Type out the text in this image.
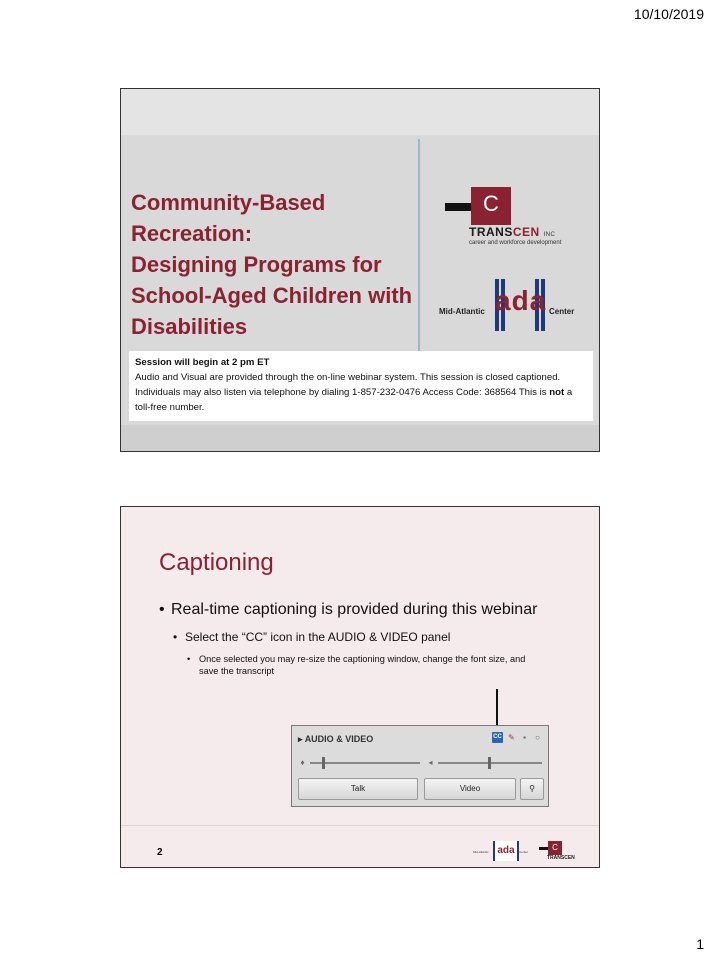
10/10/2019
Community-Based
Recreation:
Designing Programs for
School-Aged Children with
Disabilities
C
TRANSCEN INC
career and workforce development
Mid-Atlantic ada Center
Session will begin at 2 pm ET
Audio and Visual are provided through the on-line webinar system. This session is closed captioned. Individuals may also listen via telephone by dialing 1-857-232-0476 Access Code: 368564 This is not a toll-free number.
Captioning
• Real-time captioning is provided during this webinar
• Select the “CC” icon in the AUDIO & VIDEO panel
• Once selected you may re-size the captioning window, change the font size, and save the transcript
▸ AUDIO & VIDEO	CC ✎	▪	○
♦	◂
Talk	Video	⚲
2	Mid-Atlantic ada	Center	C
TRANSCEN
1
